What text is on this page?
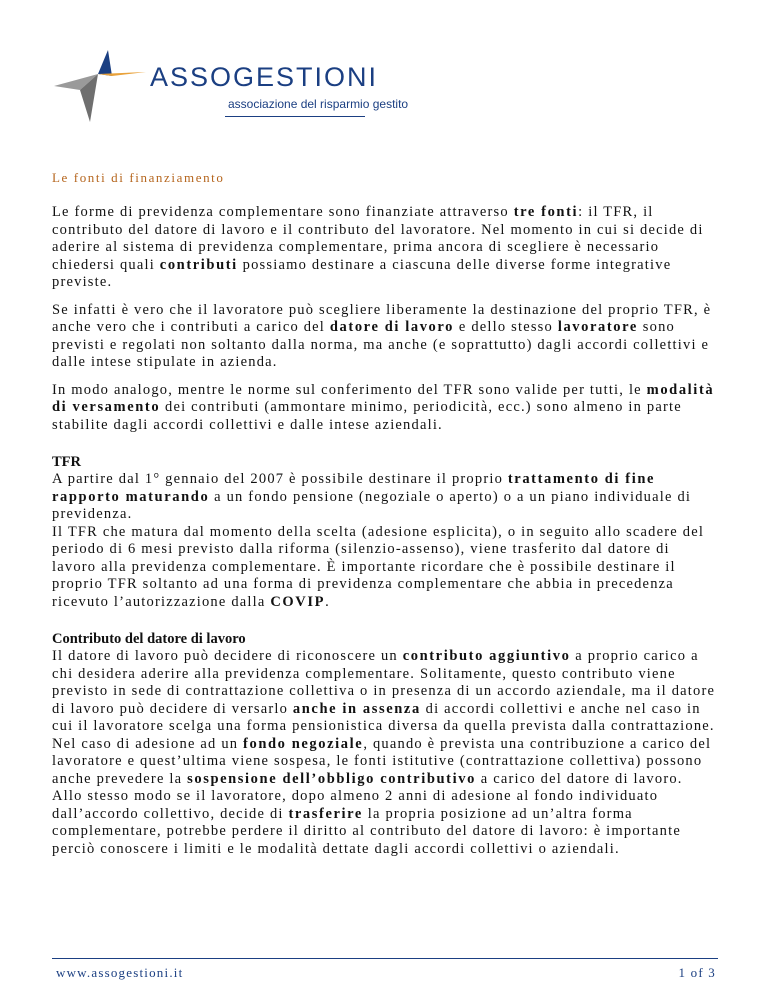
ASSOGESTIONI
associazione del risparmio gestito
Le fonti di finanziamento

Le forme di previdenza complementare sono finanziate attraverso tre fonti: il TFR, il contributo del datore di lavoro e il contributo del lavoratore. Nel momento in cui si decide di aderire al sistema di previdenza complementare, prima ancora di scegliere è necessario chiedersi quali contributi possiamo destinare a ciascuna delle diverse forme integrative previste.

Se infatti è vero che il lavoratore può scegliere liberamente la destinazione del proprio TFR, è anche vero che i contributi a carico del datore di lavoro e dello stesso lavoratore sono previsti e regolati non soltanto dalla norma, ma anche (e soprattutto) dagli accordi collettivi e dalle intese stipulate in azienda.

In modo analogo, mentre le norme sul conferimento del TFR sono valide per tutti, le modalità di versamento dei contributi (ammontare minimo, periodicità, ecc.) sono almeno in parte stabilite dagli accordi collettivi e dalle intese aziendali.

TFR

A partire dal 1° gennaio del 2007 è possibile destinare il proprio trattamento di fine rapporto maturando a un fondo pensione (negoziale o aperto) o a un piano individuale di previdenza.

Il TFR che matura dal momento della scelta (adesione esplicita), o in seguito allo scadere del periodo di 6 mesi previsto dalla riforma (silenzio-assenso), viene trasferito dal datore di lavoro alla previdenza complementare. È importante ricordare che è possibile destinare il proprio TFR soltanto ad una forma di previdenza complementare che abbia in precedenza ricevuto l’autorizzazione dalla COVIP.

Contributo del datore di lavoro

Il datore di lavoro può decidere di riconoscere un contributo aggiuntivo a proprio carico a chi desidera aderire alla previdenza complementare. Solitamente, questo contributo viene previsto in sede di contrattazione collettiva o in presenza di un accordo aziendale, ma il datore di lavoro può decidere di versarlo anche in assenza di accordi collettivi e anche nel caso in cui il lavoratore scelga una forma pensionistica diversa da quella prevista dalla contrattazione.

Nel caso di adesione ad un fondo negoziale, quando è prevista una contribuzione a carico del lavoratore e quest’ultima viene sospesa, le fonti istitutive (contrattazione collettiva) possono anche prevedere la sospensione dell’obbligo contributivo a carico del datore di lavoro.

Allo stesso modo se il lavoratore, dopo almeno 2 anni di adesione al fondo individuato dall’accordo collettivo, decide di trasferire la propria posizione ad un’altra forma complementare, potrebbe perdere il diritto al contributo del datore di lavoro: è importante perciò conoscere i limiti e le modalità dettate dagli accordi collettivi o aziendali.

www.assogestioni.it	1 of 3
